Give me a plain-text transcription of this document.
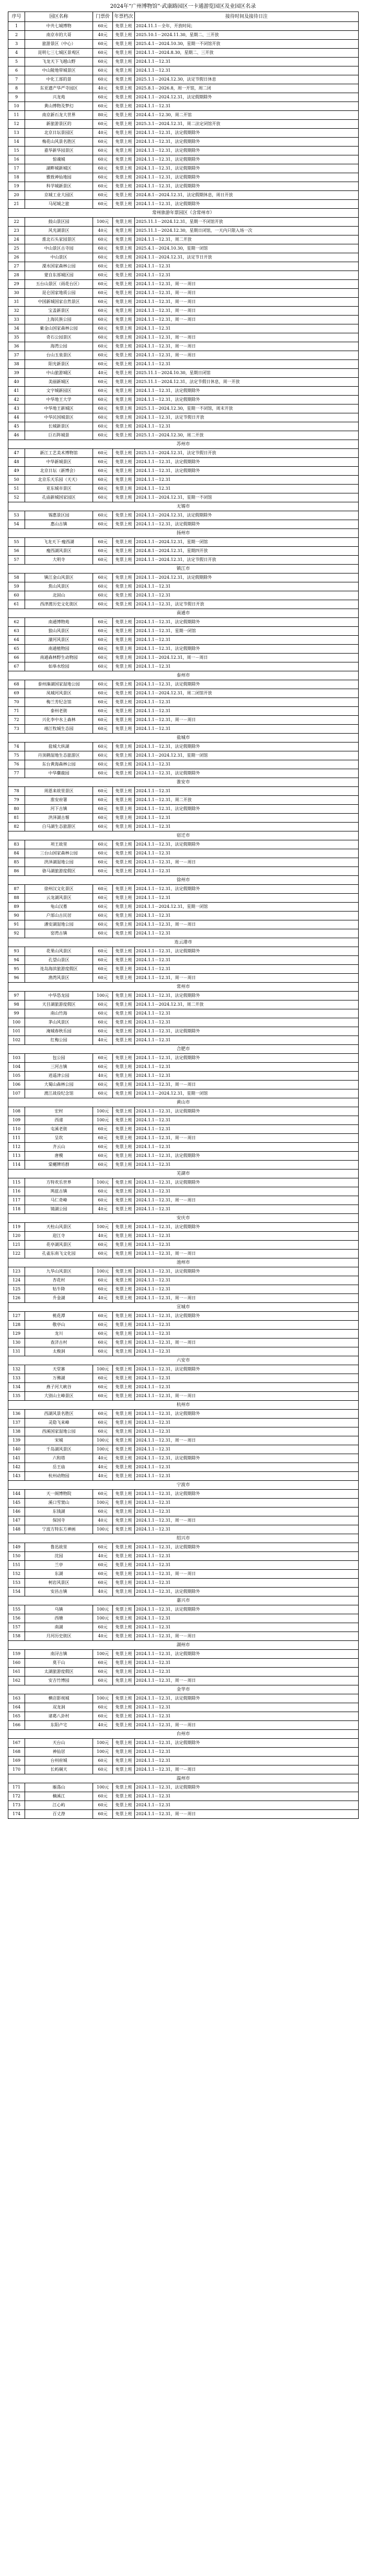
2024年“广州博物馆”·武康路园区一卡通游览园区及业园区名录
序号	园区名称	门票价	年票档次	接待时间及接待日注
1	中共七城博物	60元	免票上班	2024.11.1－全年，开放时间；
2	南京市的大哥	40元	免票上班	2025.10.1－2024.11.30，星期二、三开放
3	旅游景区（中心）	60元	免票上班	2025.4.1－2024.10.30，星期一不闭馆开放
4	昆明七三七城区景观区	60元	免票上班	2024.1.1－2024.8.30，星期二、三开放
5	飞龙天下飞越山野	60元	免票上班	2024.1.1－12.31
6	中山陵地带城景区	60元	免票上班	2024.1.1－12.31
7	中化工部的景	60元	免票上班	2025.1.1－2024.12.30，法定节假日休息
8	东亚遗产华严寺园区	40元	免票上班	2025.8.1－2026.8，周一开馆，周二闭
9	兴龙苑	60元	免票上班	2024.1.1－2024.12.31，法定假期除外
10	黄山博物及梦幻	60元	免票上班	2024.1.1－12.31
11	南京新石龙大世界	80元	免票上班	2024.4.1－12.30，周二开馆
12	新旅游景区的	60元	免票上班	2025.3.1－2024.12.31，周二法定闭馆开放
13	北京日坛景园区	40元	免票上班	2024.1.1－12.31，法定假期除外
14	梅花山风景名胜区	60元	免票上班	2024.1.1－12.31，法定假期除外
15	嘉华新华园景区	60元	免票上班	2024.1.1－12.31，法定假期除外
16	惊魂城	60元	免票上班	2024.1.1－12.31，法定假期除外
17	湖畔城新城区	60元	免票上班	2024.1.1－12.31，法定假期除外
18	雅致神仙地园	60元	免票上班	2024.1.1－12.31，法定假期除外
19	科学城新景区	60元	免票上班	2024.1.1－12.31，法定假期除外
20	京城工业大园区	60元	免票上班	2024.8.1－2024.12.31，法定假期休息，周日开放
21	马尾城之旅	60元	免票上班	2024.1.1－12.31，法定假期除外
常州旅游年票园区（含常州市）				
22	鼓山景区园	100元	免票上班	2025.11.1－2024.12.31，星期一不闭馆开放
23	风光湖景区	40元	免票上班	2025.11.1－2024.12.30，星期日闭馆，一天内只限入场一次
24	淮北石头家园景区	60元	免票上班	2024.1.1－12.31，周二开放
25	中山景区古寺园	60元	免票上班	2025.4.1－2024.10.30，星期一闭馆
26	中山景区	60元	免票上班	2024.1.1－2024.12.31，法定节日开放
27	溧水国家森林公园	60元	免票上班	2024.1.1－12.31
28	蒙自东部城区园	60元	免票上班	2024.1.1－12.31
29	五台山景区（雨花台区）	60元	免票上班	2024.1.1－12.31，周一－周日
30	昆仑国家地质公园	60元	免票上班	2024.1.1－12.31，周一－周日
31	中国新城国家自然景区	60元	免票上班	2024.1.1－12.31，周一－周日
32	宝盖新景区	60元	免票上班	2024.1.1－12.31，周一－周日
33	上海民族公园	60元	免票上班	2024.1.1－12.31，周一－周日
34	紫金山国家森林公园	60元	免票上班	2024.1.1－12.31
35	奇石公园景区	60元	免票上班	2024.1.1－12.31，周一－周日
36	海湾公园	60元	免票上班	2024.1.1－12.31，周一－周日
37	台山玉泉景区	60元	免票上班	2024.1.1－12.31，周一－周日
38	阳光新景区	60元	免票上班	2024.1.1－12.31
39	中山旅游城区	40元	免票上班	2025.11.1－2024.10.30，星期日闭馆
40	美丽新城区	60元	免票上班	2025.11.1－2024.12.31，法定节假日休息，周一开放
41	文字城新园区	60元	免票上班	2024.1.1－12.31，法定假期除外
42	中华地王大学	60元	免票上班	2024.1.1－12.31，法定假期除外
43	中华地王新城区	60元	免票上班	2025.1.1－2024.12.30，星期一不闭馆，周末开放
44	中华民国城景区	60元	免票上班	2024.1.1－12.31，法定节假日开放
45	长城新景区	60元	免票上班	2024.1.1－12.31
46	巨石阵城景	60元	免票上班	2025.1.1－2024.12.30，周二开放
苏州市				
47	新江工艺美术博物馆	60元	免票上班	2025.1.1－2024.12.31，法定节假日开放
48	中华新城景区	60元	免票上班	2024.1.1－12.31，法定假期除外
49	北京日坛（新博会）	60元	免票上班	2024.1.1－12.31，法定假期除外
50	北京乐天乐园（天天）	60元	免票上班	2024.1.1－12.31
51	亚东城市景区	60元	免票上班	2024.1.1－12.31
52	孔庙新城国家园区	60元	免票上班	2024.1.1－2024.12.31，星期一不闭馆
无锡市				
53	锡惠景区园	60元	免票上班	2024.1.1－2024.12.31，法定假期除外
54	惠山古镇	60元	免票上班	2024.1.1－12.31，法定假期除外
扬州市				
55	飞龙天下·瘦西湖	60元	免票上班	2024.1.1－2024.12.31，星期一闭馆
56	瘦西湖风景区	60元	免票上班	2024.8.1－2024.12.31，星期四开放
57	大明寺	60元	免票上班	2024.1.1－2024.12.31，法定节假日开放
镇江市				
58	镇江金山风景区	60元	免票上班	2024.1.1－2024.12.31，法定假期除外
59	焦山风景区	60元	免票上班	2024.1.1－12.31
60	北固山	60元	免票上班	2024.1.1－12.31
61	西津渡历史文化街区	60元	免票上班	2024.1.1－12.31，法定节假日开放
南通市				
62	南通博物苑	60元	免票上班	2024.1.1－12.31，法定假期除外
63	狼山风景区	60元	免票上班	2024.1.1－12.31，星期一闭馆
64	濠河风景区	60元	免票上班	2024.1.1－12.31
65	南通植物园	60元	免票上班	2024.1.1－12.31，法定假期除外
66	南通森林野生动物园	60元	免票上班	2024.1.1－2024.12.31，周一－周日
67	如皋水绘园	60元	免票上班	2024.1.1－12.31
泰州市				
68	泰州溱湖国家湿地公园	60元	免票上班	2024.1.1－12.31，法定假期除外
69	凤城河风景区	60元	免票上班	2024.1.1－2024.12.31，周二闭馆开放
70	梅兰芳纪念馆	60元	免票上班	2024.1.1－12.31
71	泰州老街	60元	免票上班	2024.1.1－12.31
72	兴化李中水上森林	60元	免票上班	2024.1.1－12.31，周一－周日
73	靖江牧城生态园	60元	免票上班	2024.1.1－12.31
盐城市				
74	盐城大纵湖	60元	免票上班	2024.1.1－12.31，法定假期除外
75	丹顶鹤湿地生态旅游区	60元	免票上班	2024.1.1－2024.12.31，星期一闭馆
76	东台黄海森林公园	60元	免票上班	2024.1.1－12.31
77	中华麋鹿园	60元	免票上班	2024.1.1－12.31，法定假期除外
淮安市				
78	周恩来故里景区	60元	免票上班	2024.1.1－12.31
79	淮安府署	60元	免票上班	2024.1.1－12.31，周二开放
80	河下古镇	60元	免票上班	2024.1.1－12.31，法定假期除外
81	洪泽湖古堰	60元	免票上班	2024.1.1－12.31
82	白马湖生态旅游区	60元	免票上班	2024.1.1－12.31
宿迁市				
83	项王故里	60元	免票上班	2024.1.1－12.31，法定假期除外
84	三台山国家森林公园	60元	免票上班	2024.1.1－12.31
85	洪泽湖湿地公园	60元	免票上班	2024.1.1－12.31，周一－周日
86	骆马湖旅游度假区	60元	免票上班	2024.1.1－12.31
徐州市				
87	徐州汉文化景区	60元	免票上班	2024.1.1－12.31，法定假期除外
88	云龙湖风景区	60元	免票上班	2024.1.1－12.31
89	龟山汉墓	60元	免票上班	2024.1.1－2024.12.31，星期一闭馆
90	户部山古民居	60元	免票上班	2024.1.1－12.31
91	潘安湖湿地公园	60元	免票上班	2024.1.1－12.31，周一－周日
92	窑湾古镇	60元	免票上班	2024.1.1－12.31
连云港市				
93	花果山风景区	60元	免票上班	2024.1.1－12.31，法定假期除外
94	孔望山景区	60元	免票上班	2024.1.1－12.31
95	连岛海滨旅游度假区	60元	免票上班	2024.1.1－12.31
96	渔湾风景区	60元	免票上班	2024.1.1－12.31，周一－周日
常州市				
97	中华恐龙园	100元	免票上班	2024.1.1－12.31，法定假期除外
98	天目湖旅游度假区	60元	免票上班	2024.1.1－2024.12.31，周二开放
99	南山竹海	60元	免票上班	2024.1.1－12.31
100	茅山风景区	60元	免票上班	2024.1.1－12.31
101	淹城春秋乐园	60元	免票上班	2024.1.1－12.31，法定假期除外
102	红梅公园	40元	免票上班	2024.1.1－12.31
合肥市				
103	包公园	60元	免票上班	2024.1.1－12.31，法定假期除外
104	三河古镇	60元	免票上班	2024.1.1－12.31
105	逍遥津公园	40元	免票上班	2024.1.1－12.31
106	大蜀山森林公园	60元	免票上班	2024.1.1－12.31，周一－周日
107	渡江战役纪念馆	60元	免票上班	2024.1.1－2024.12.31，星期一闭馆
黄山市				
108	宏村	100元	免票上班	2024.1.1－12.31，法定假期除外
109	西递	100元	免票上班	2024.1.1－12.31
110	屯溪老街	60元	免票上班	2024.1.1－12.31
111	呈坎	60元	免票上班	2024.1.1－12.31，周一－周日
112	齐云山	60元	免票上班	2024.1.1－12.31
113	唐模	60元	免票上班	2024.1.1－12.31，法定假期除外
114	棠樾牌坊群	60元	免票上班	2024.1.1－12.31
芜湖市				
115	方特欢乐世界	100元	免票上班	2024.1.1－12.31，法定假期除外
116	鸠兹古镇	60元	免票上班	2024.1.1－12.31
117	马仁奇峰	60元	免票上班	2024.1.1－12.31，周一－周日
118	镜湖公园	40元	免票上班	2024.1.1－12.31
安庆市				
119	天柱山风景区	100元	免票上班	2024.1.1－12.31，法定假期除外
120	迎江寺	40元	免票上班	2024.1.1－12.31
121	花亭湖风景区	60元	免票上班	2024.1.1－12.31
122	孔雀东南飞文化园	60元	免票上班	2024.1.1－12.31，周一－周日
池州市				
123	九华山风景区	100元	免票上班	2024.1.1－12.31，法定假期除外
124	杏花村	60元	免票上班	2024.1.1－12.31
125	牯牛降	60元	免票上班	2024.1.1－12.31
126	升金湖	40元	免票上班	2024.1.1－12.31，周一－周日
宣城市				
127	桃花潭	60元	免票上班	2024.1.1－12.31，法定假期除外
128	敬亭山	60元	免票上班	2024.1.1－12.31
129	龙川	60元	免票上班	2024.1.1－12.31
130	查济古村	60元	免票上班	2024.1.1－12.31，周一－周日
131	太极洞	60元	免票上班	2024.1.1－12.31
六安市				
132	天堂寨	100元	免票上班	2024.1.1－12.31，法定假期除外
133	万佛湖	60元	免票上班	2024.1.1－12.31
134	燕子河大峡谷	60元	免票上班	2024.1.1－12.31
135	大别山主峰景区	60元	免票上班	2024.1.1－12.31，周一－周日
杭州市				
136	西湖风景名胜区	60元	免票上班	2024.1.1－12.31，法定假期除外
137	灵隐飞来峰	60元	免票上班	2024.1.1－12.31
138	西溪国家湿地公园	60元	免票上班	2024.1.1－12.31
139	宋城	100元	免票上班	2024.1.1－12.31，周一－周日
140	千岛湖风景区	100元	免票上班	2024.1.1－12.31
141	六和塔	40元	免票上班	2024.1.1－12.31，法定假期除外
142	岳王庙	40元	免票上班	2024.1.1－12.31
143	杭州动物园	40元	免票上班	2024.1.1－12.31
宁波市				
144	天一阁博物院	60元	免票上班	2024.1.1－12.31，法定假期除外
145	溪口雪窦山	100元	免票上班	2024.1.1－12.31
146	东钱湖	60元	免票上班	2024.1.1－12.31
147	保国寺	40元	免票上班	2024.1.1－12.31，周一－周日
148	宁波方特东方神画	100元	免票上班	2024.1.1－12.31
绍兴市				
149	鲁迅故里	60元	免票上班	2024.1.1－12.31，法定假期除外
150	沈园	40元	免票上班	2024.1.1－12.31
151	兰亭	60元	免票上班	2024.1.1－12.31
152	东湖	60元	免票上班	2024.1.1－12.31，周一－周日
153	柯岩风景区	60元	免票上班	2024.1.1－12.31
154	安昌古镇	40元	免票上班	2024.1.1－12.31，法定假期除外
嘉兴市				
155	乌镇	100元	免票上班	2024.1.1－12.31，法定假期除外
156	西塘	100元	免票上班	2024.1.1－12.31
157	南湖	60元	免票上班	2024.1.1－12.31
158	月河历史街区	40元	免票上班	2024.1.1－12.31，周一－周日
湖州市				
159	南浔古镇	100元	免票上班	2024.1.1－12.31，法定假期除外
160	莫干山	60元	免票上班	2024.1.1－12.31
161	太湖旅游度假区	60元	免票上班	2024.1.1－12.31
162	安吉竹博园	60元	免票上班	2024.1.1－12.31，周一－周日
金华市				
163	横店影视城	100元	免票上班	2024.1.1－12.31，法定假期除外
164	双龙洞	60元	免票上班	2024.1.1－12.31
165	诸葛八卦村	60元	免票上班	2024.1.1－12.31
166	东阳卢宅	40元	免票上班	2024.1.1－12.31，周一－周日
台州市				
167	天台山	100元	免票上班	2024.1.1－12.31，法定假期除外
168	神仙居	100元	免票上班	2024.1.1－12.31
169	台州府城	60元	免票上班	2024.1.1－12.31
170	长屿硐天	60元	免票上班	2024.1.1－12.31，周一－周日
温州市				
171	雁荡山	100元	免票上班	2024.1.1－12.31，法定假期除外
172	楠溪江	60元	免票上班	2024.1.1－12.31
173	江心屿	60元	免票上班	2024.1.1－12.31
174	百丈漈	60元	免票上班	2024.1.1－12.31，周一－周日
